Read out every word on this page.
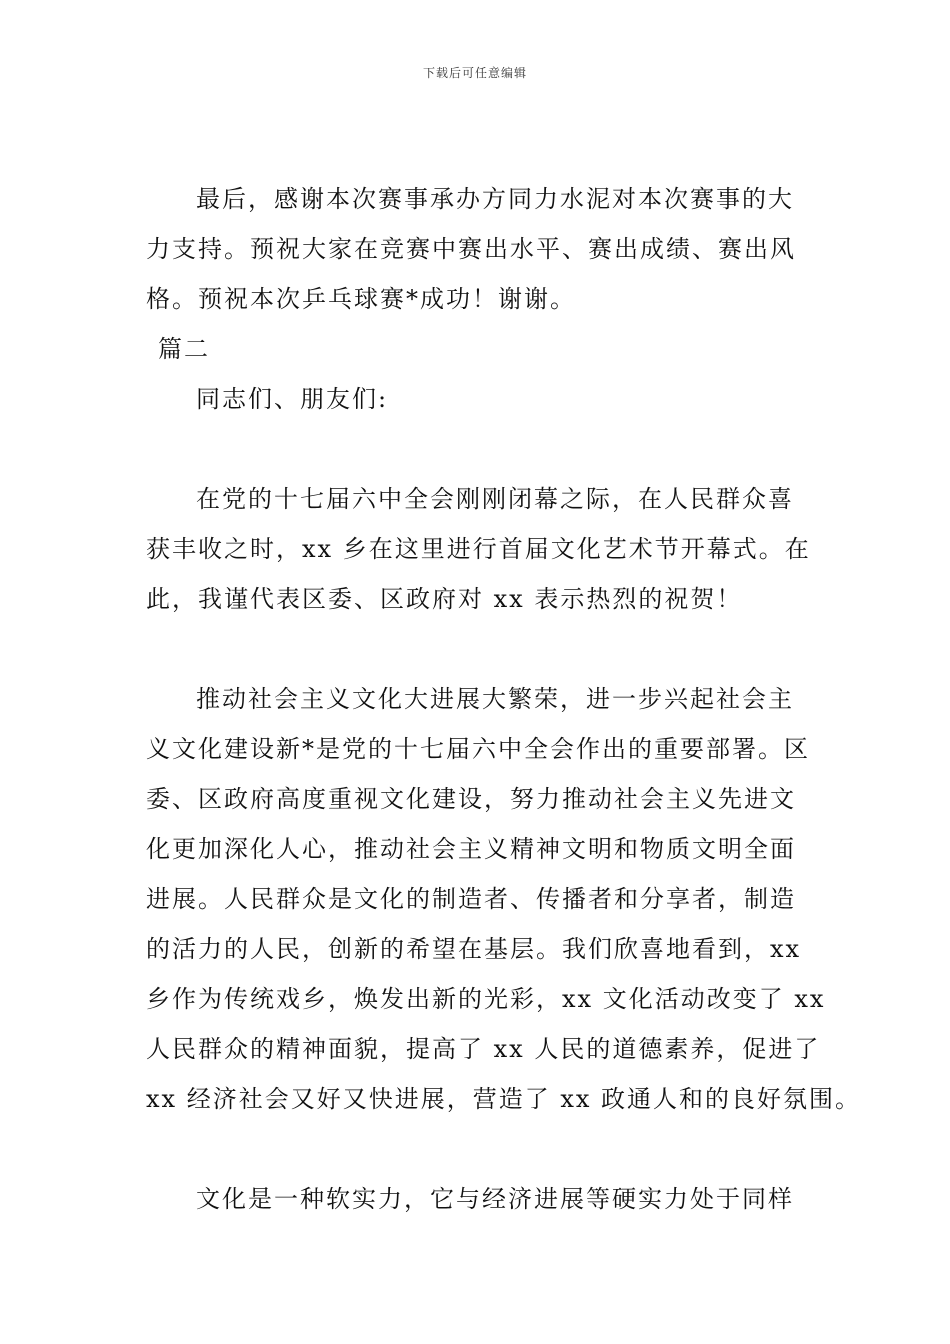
下载后可任意编辑
最后，感谢本次赛事承办方同力水泥对本次赛事的大
力支持。预祝大家在竞赛中赛出水平、赛出成绩、赛出风
格。预祝本次乒乓球赛*成功！谢谢。
篇二
同志们、朋友们:
在党的十七届六中全会刚刚闭幕之际，在人民群众喜
获丰收之时，xx 乡在这里进行首届文化艺术节开幕式。在
此，我谨代表区委、区政府对 xx 表示热烈的祝贺！
推动社会主义文化大进展大繁荣，进一步兴起社会主
义文化建设新*是党的十七届六中全会作出的重要部署。区
委、区政府高度重视文化建设，努力推动社会主义先进文
化更加深化人心，推动社会主义精神文明和物质文明全面
进展。人民群众是文化的制造者、传播者和分享者，制造
的活力的人民，创新的希望在基层。我们欣喜地看到，xx
乡作为传统戏乡，焕发出新的光彩，xx 文化活动改变了 xx
人民群众的精神面貌，提高了 xx 人民的道德素养，促进了
xx 经济社会又好又快进展，营造了 xx 政通人和的良好氛围。
文化是一种软实力，它与经济进展等硬实力处于同样
